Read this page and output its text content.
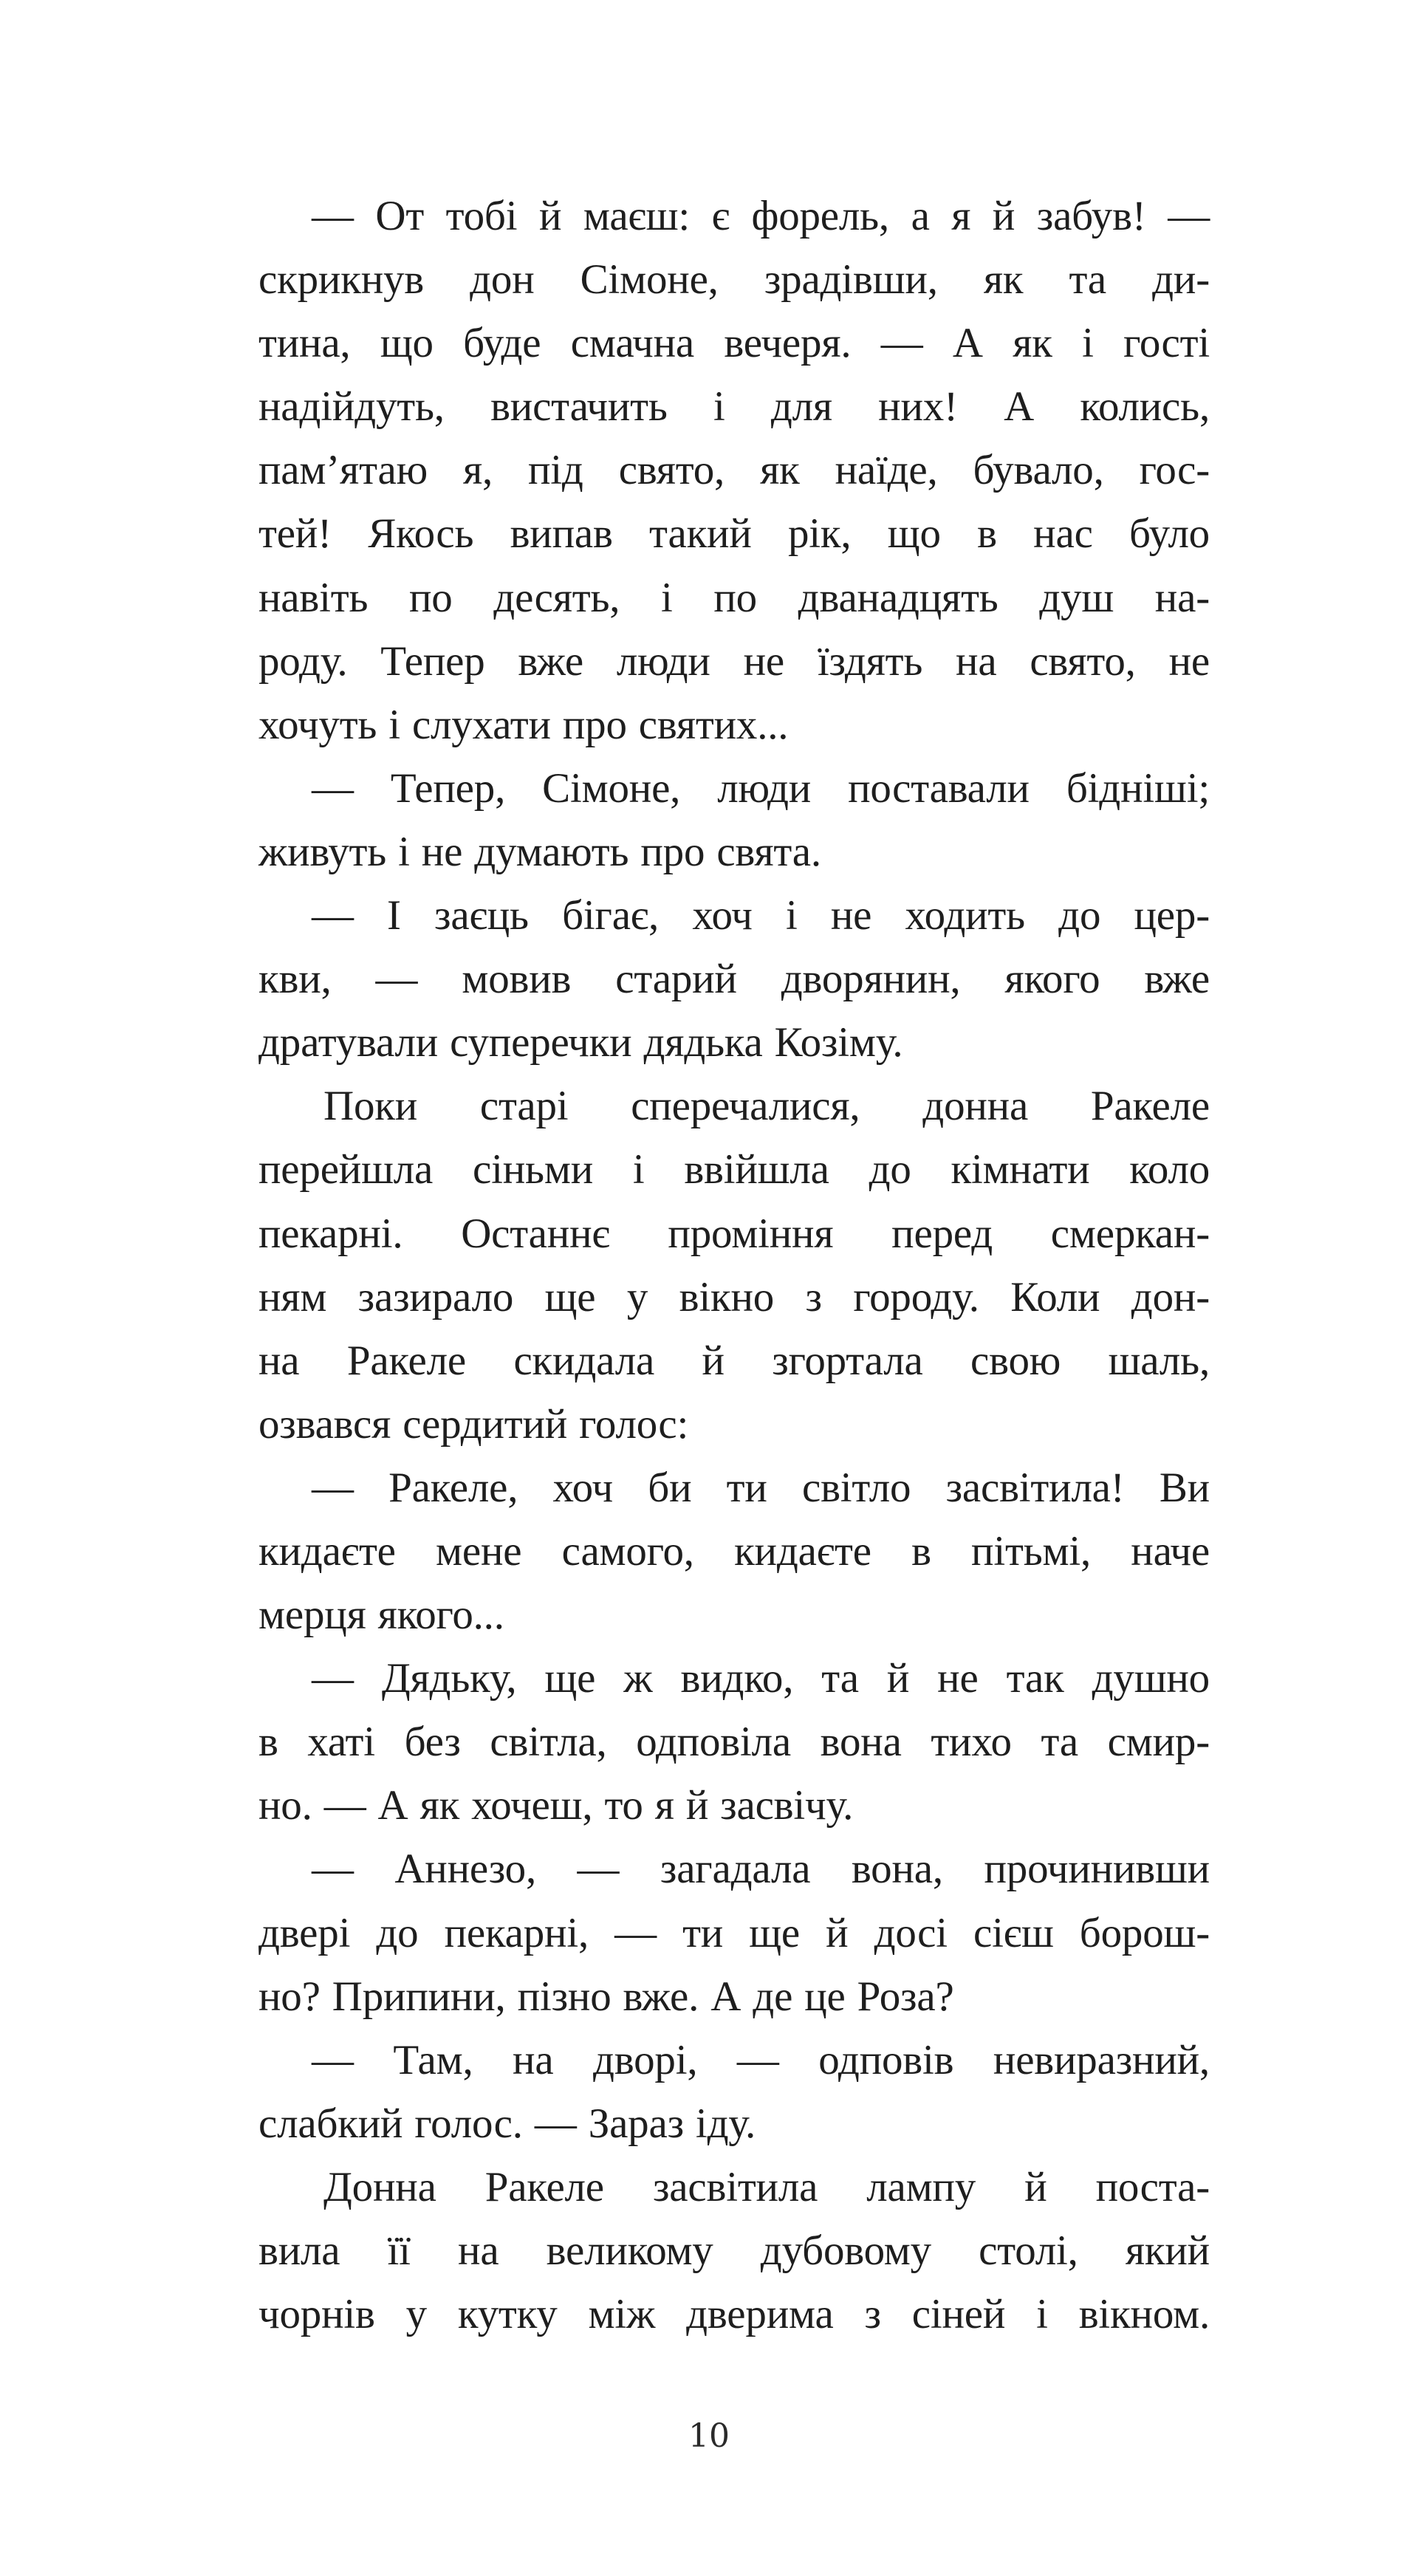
— От тобі й маєш: є форель, а я й забув! —
скрикнув дон Сімоне, зрадівши, як та ди-
тина, що буде смачна вечеря. — А як і гості
надійдуть, вистачить і для них! А колись,
пам’ятаю я, під свято, як наїде, бувало, гос-
тей! Якось випав такий рік, що в нас було
навіть по десять, і по дванадцять душ на-
роду. Тепер вже люди не їздять на свято, не
хочуть і слухати про святих...
— Тепер, Сімоне, люди поставали бідніші;
живуть і не думають про свята.
— І заєць бігає, хоч і не ходить до цер-
кви, — мовив старий дворянин, якого вже
дратували суперечки дядька Козіму.
Поки старі сперечалися, донна Ракеле
перейшла сіньми і ввійшла до кімнати коло
пекарні. Останнє проміння перед смеркан-
ням зазирало ще у вікно з городу. Коли дон-
на Ракеле скидала й згортала свою шаль,
озвався сердитий голос:
— Ракеле, хоч би ти світло засвітила! Ви
кидаєте мене самого, кидаєте в пітьмі, наче
мерця якого...
— Дядьку, ще ж видко, та й не так душно
в хаті без світла, одповіла вона тихо та смир-
но. — А як хочеш, то я й засвічу.
— Аннезо, — загадала вона, прочинивши
двері до пекарні, — ти ще й досі сієш борош-
но? Припини, пізно вже. А де це Роза?
— Там, на дворі, — одповів невиразний,
слабкий голос. — Зараз іду.
Донна Ракеле засвітила лампу й поста-
вила її на великому дубовому столі, який
чорнів у кутку між дверима з сіней і вікном.
10
